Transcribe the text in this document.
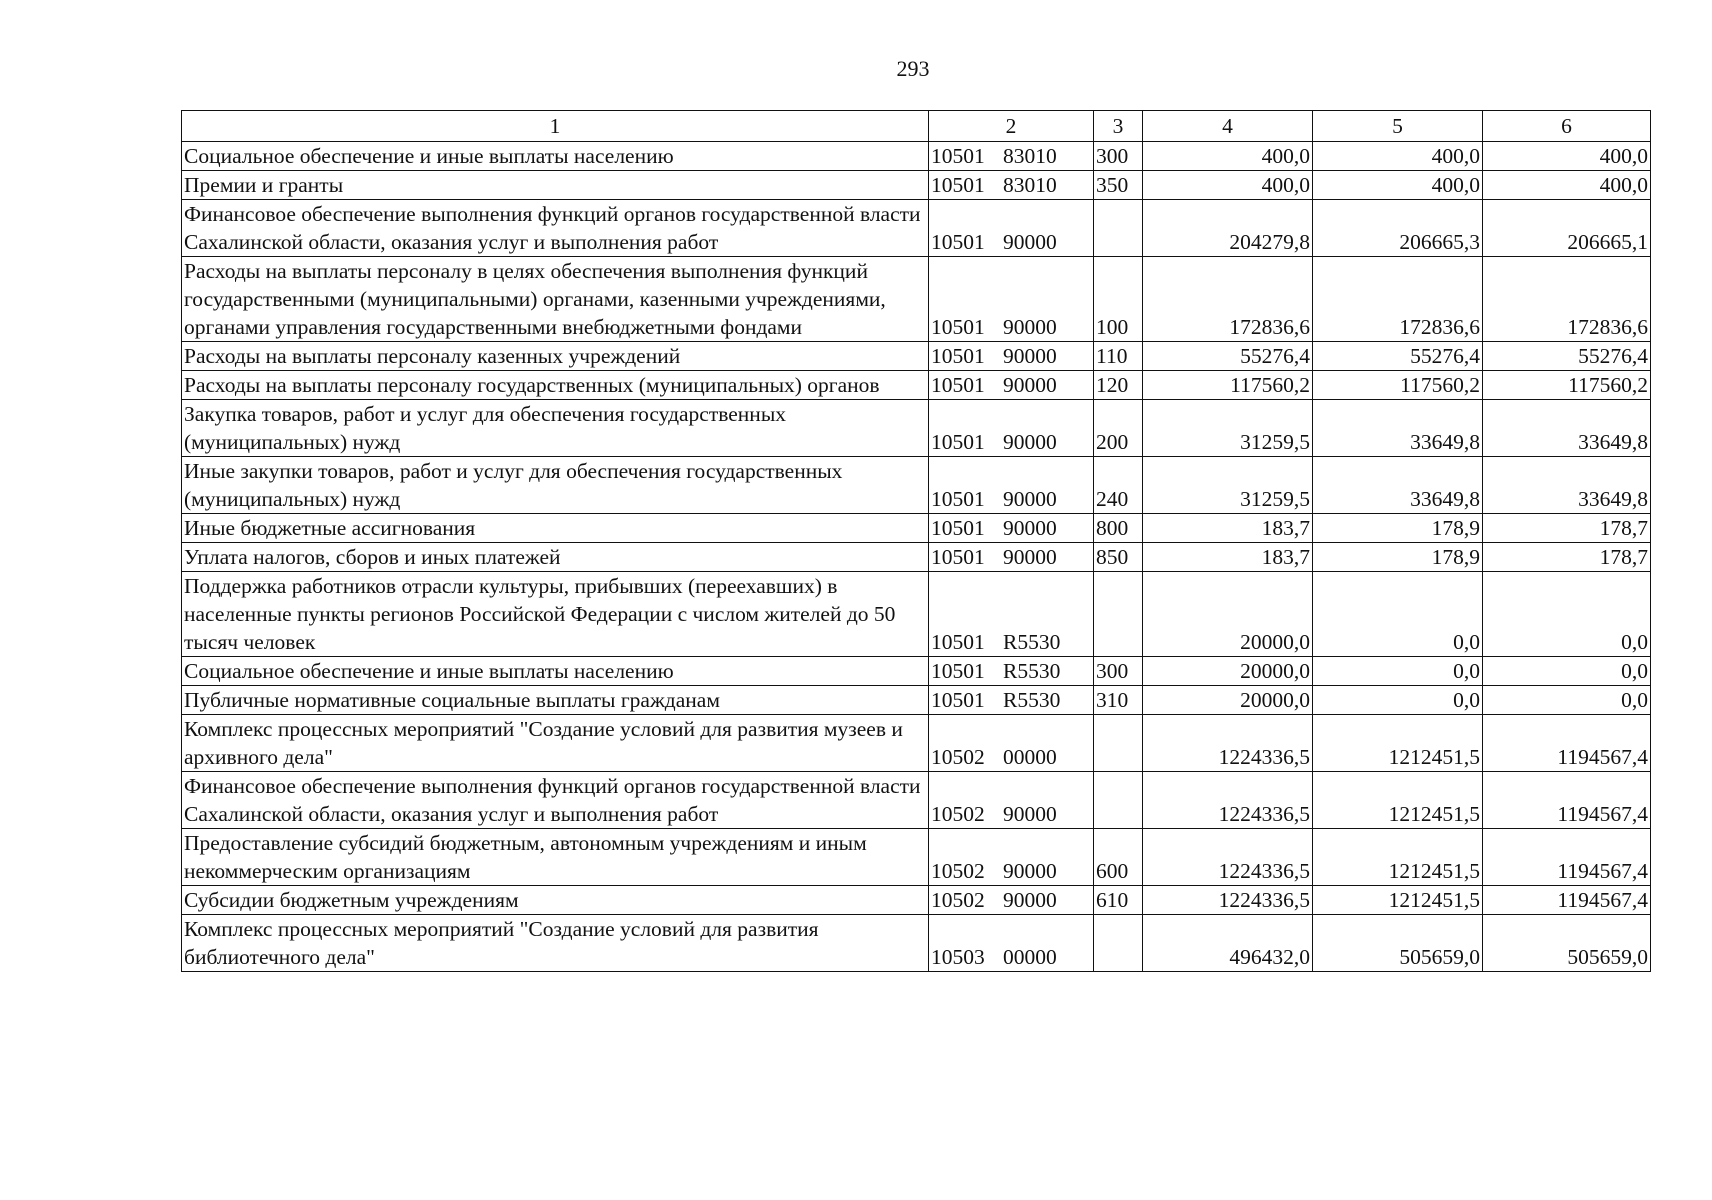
293
1	2	3	4	5	6
Социальное обеспечение и иные выплаты населению	10501 83010	300	400,0	400,0	400,0
Премии и гранты	10501 83010	350	400,0	400,0	400,0
Финансовое обеспечение выполнения функций органов государственной власти Сахалинской области, оказания услуг и выполнения работ	10501 90000		204279,8	206665,3	206665,1
Расходы на выплаты персоналу в целях обеспечения выполнения функций государственными (муниципальными) органами, казенными учреждениями, органами управления государственными внебюджетными фондами	10501 90000	100	172836,6	172836,6	172836,6
Расходы на выплаты персоналу казенных учреждений	10501 90000	110	55276,4	55276,4	55276,4
Расходы на выплаты персоналу государственных (муниципальных) органов	10501 90000	120	117560,2	117560,2	117560,2
Закупка товаров, работ и услуг для обеспечения государственных (муниципальных) нужд	10501 90000	200	31259,5	33649,8	33649,8
Иные закупки товаров, работ и услуг для обеспечения государственных (муниципальных) нужд	10501 90000	240	31259,5	33649,8	33649,8
Иные бюджетные ассигнования	10501 90000	800	183,7	178,9	178,7
Уплата налогов, сборов и иных платежей	10501 90000	850	183,7	178,9	178,7
Поддержка работников отрасли культуры, прибывших (переехавших) в населенные пункты регионов Российской Федерации с числом жителей до 50 тысяч человек	10501 R5530		20000,0	0,0	0,0
Социальное обеспечение и иные выплаты населению	10501 R5530	300	20000,0	0,0	0,0
Публичные нормативные социальные выплаты гражданам	10501 R5530	310	20000,0	0,0	0,0
Комплекс процессных мероприятий "Создание условий для развития музеев и архивного дела"	10502 00000		1224336,5	1212451,5	1194567,4
Финансовое обеспечение выполнения функций органов государственной власти Сахалинской области, оказания услуг и выполнения работ	10502 90000		1224336,5	1212451,5	1194567,4
Предоставление субсидий бюджетным, автономным учреждениям и иным некоммерческим организациям	10502 90000	600	1224336,5	1212451,5	1194567,4
Субсидии бюджетным учреждениям	10502 90000	610	1224336,5	1212451,5	1194567,4
Комплекс процессных мероприятий "Создание условий для развития библиотечного дела"	10503 00000		496432,0	505659,0	505659,0
